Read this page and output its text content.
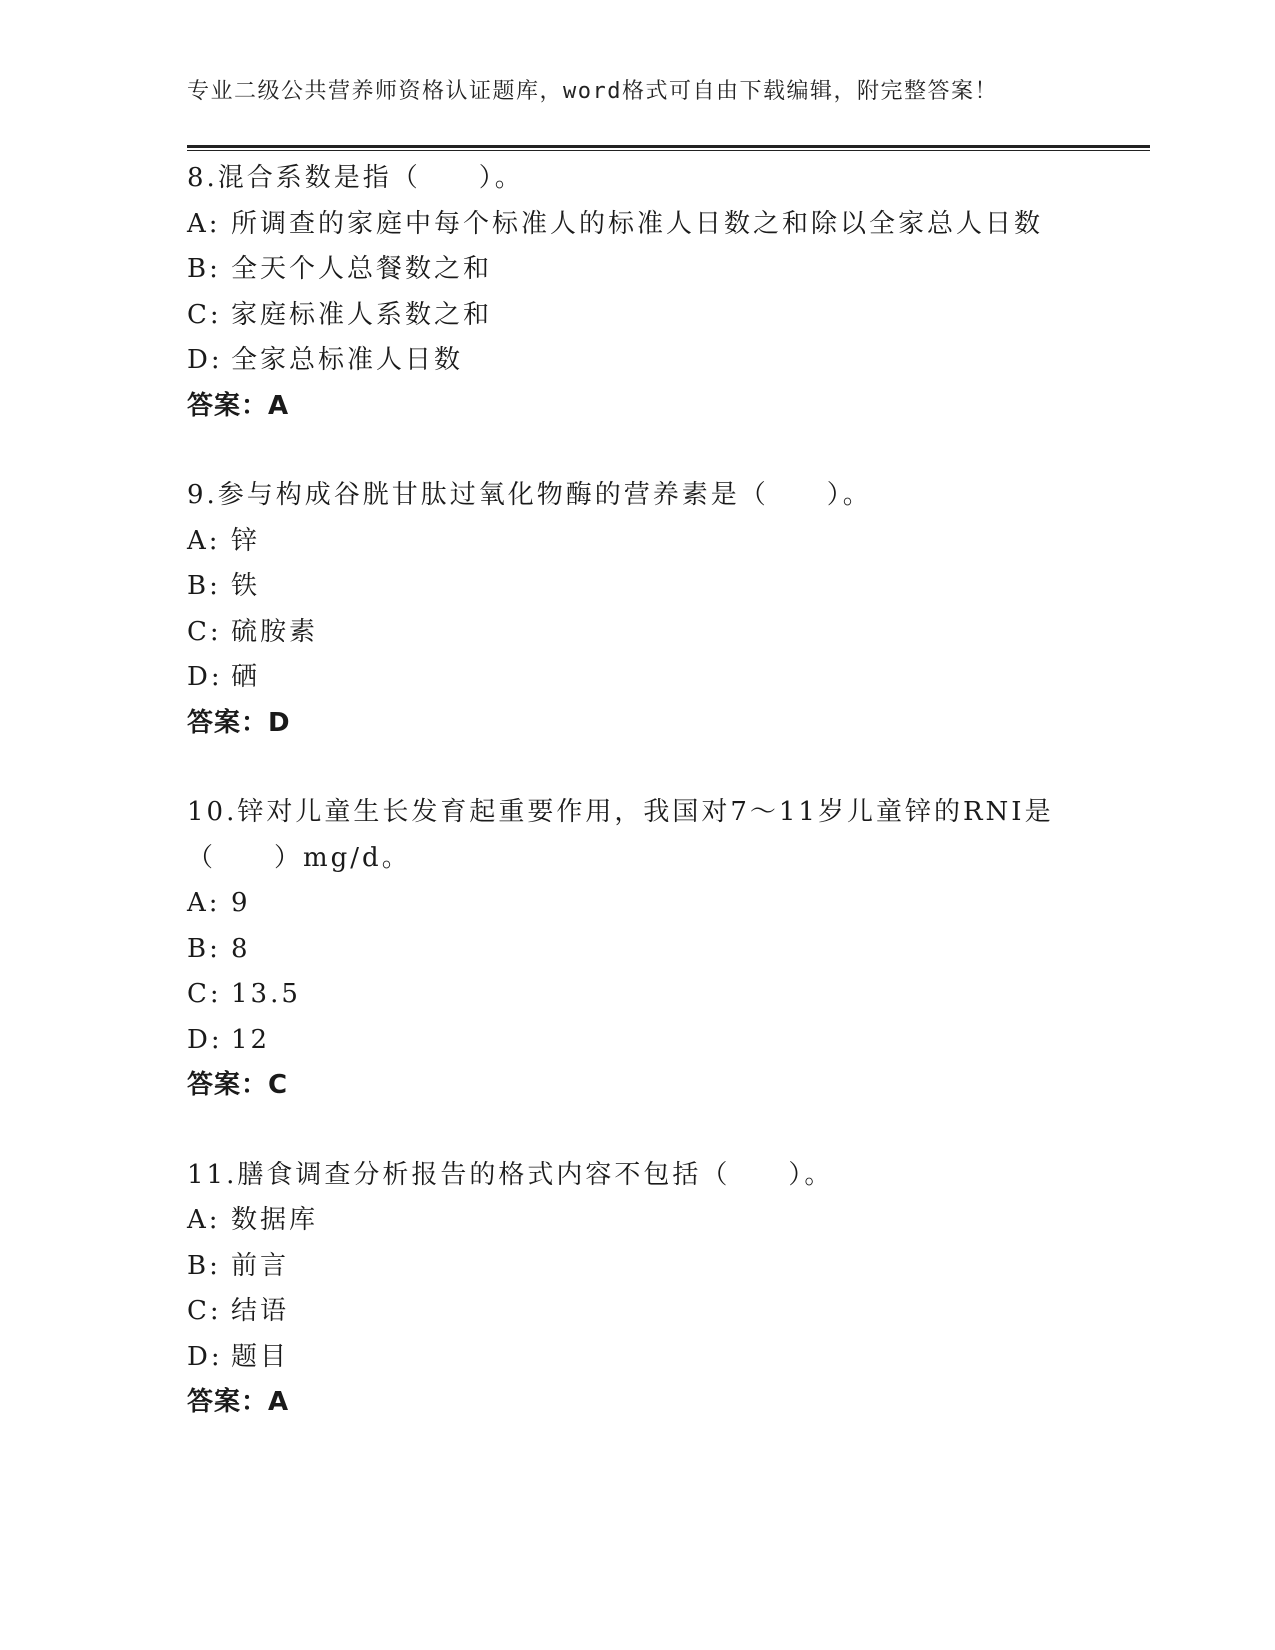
专业二级公共营养师资格认证题库，word格式可自由下载编辑，附完整答案！
8.混合系数是指（　　）。
A: 所调查的家庭中每个标准人的标准人日数之和除以全家总人日数
B: 全天个人总餐数之和
C: 家庭标准人系数之和
D: 全家总标准人日数
答案：A
9.参与构成谷胱甘肽过氧化物酶的营养素是（　　）。
A: 锌
B: 铁
C: 硫胺素
D: 硒
答案：D
10.锌对儿童生长发育起重要作用，我国对7～11岁儿童锌的RNI是（　　）mg/d。
A: 9
B: 8
C: 13.5
D: 12
答案：C
11.膳食调查分析报告的格式内容不包括（　　）。
A: 数据库
B: 前言
C: 结语
D: 题目
答案：A
